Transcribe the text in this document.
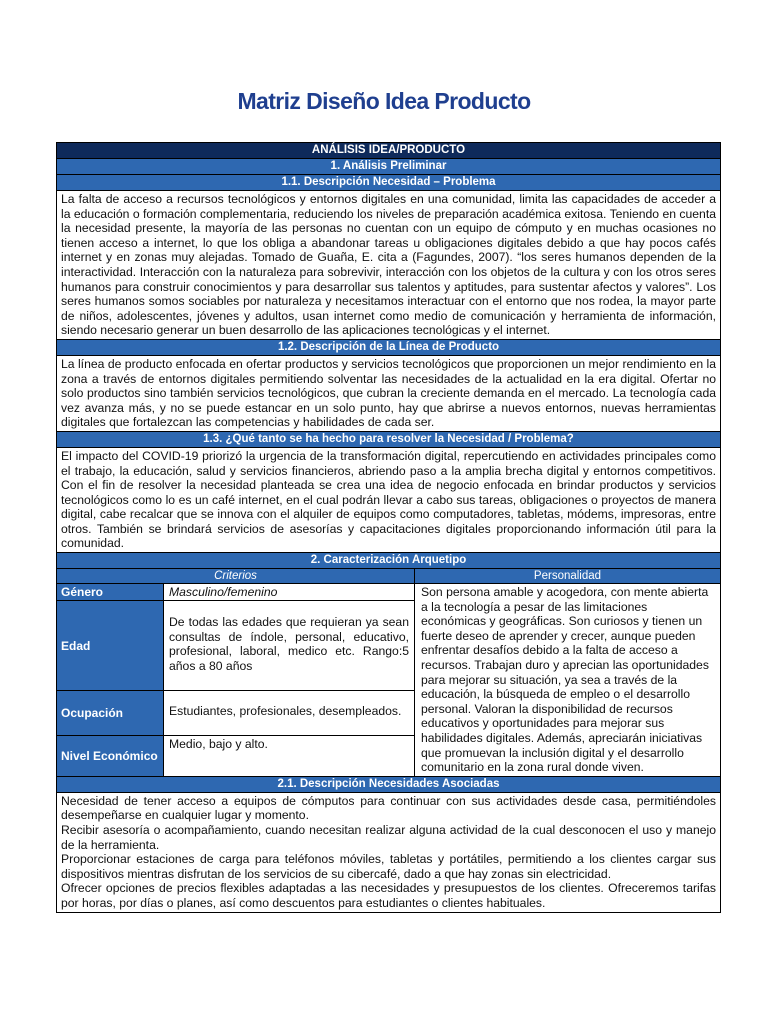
Matriz Diseño Idea Producto
ANÁLISIS IDEA/PRODUCTO
1. Análisis Preliminar
1.1. Descripción Necesidad – Problema
La falta de acceso a recursos tecnológicos y entornos digitales en una comunidad, limita las capacidades de acceder a la educación o formación complementaria, reduciendo los niveles de preparación académica exitosa. Teniendo en cuenta la necesidad presente, la mayoría de las personas no cuentan con un equipo de cómputo y en muchas ocasiones no tienen acceso a internet, lo que los obliga a abandonar tareas u obligaciones digitales debido a que hay pocos cafés internet y en zonas muy alejadas. Tomado de Guaña, E. cita a (Fagundes, 2007). “los seres humanos dependen de la interactividad. Interacción con la naturaleza para sobrevivir, interacción con los objetos de la cultura y con los otros seres humanos para construir conocimientos y para desarrollar sus talentos y aptitudes, para sustentar afectos y valores”. Los seres humanos somos sociables por naturaleza y necesitamos interactuar con el entorno que nos rodea, la mayor parte de niños, adolescentes, jóvenes y adultos, usan internet como medio de comunicación y herramienta de información, siendo necesario generar un buen desarrollo de las aplicaciones tecnológicas y el internet.
1.2. Descripción de la Línea de Producto
La línea de producto enfocada en ofertar productos y servicios tecnológicos que proporcionen un mejor rendimiento en la zona a través de entornos digitales permitiendo solventar las necesidades de la actualidad en la era digital. Ofertar no solo productos sino también servicios tecnológicos, que cubran la creciente demanda en el mercado. La tecnología cada vez avanza más, y no se puede estancar en un solo punto, hay que abrirse a nuevos entornos, nuevas herramientas digitales que fortalezcan las competencias y habilidades de cada ser.
1.3. ¿Qué tanto se ha hecho para resolver la Necesidad / Problema?
El impacto del COVID-19 priorizó la urgencia de la transformación digital, repercutiendo en actividades principales como el trabajo, la educación, salud y servicios financieros, abriendo paso a la amplia brecha digital y entornos competitivos. Con el fin de resolver la necesidad planteada se crea una idea de negocio enfocada en brindar productos y servicios tecnológicos como lo es un café internet, en el cual podrán llevar a cabo sus tareas, obligaciones o proyectos de manera digital, cabe recalcar que se innova con el alquiler de equipos como computadores, tabletas, módems, impresoras, entre otros. También se brindará servicios de asesorías y capacitaciones digitales proporcionando información útil para la comunidad.
2. Caracterización Arquetipo
Criterios
Género	Masculino/femenino
Edad
De todas las edades que requieran ya sean consultas de índole, personal, educativo, profesional, laboral, medico etc. Rango:5 años a 80 años
Ocupación	Estudiantes, profesionales, desempleados.
Nivel Económico
Medio, bajo y alto.
Personalidad
Son persona amable y acogedora, con mente abierta a la tecnología a pesar de las limitaciones económicas y geográficas. Son curiosos y tienen un fuerte deseo de aprender y crecer, aunque pueden enfrentar desafíos debido a la falta de acceso a recursos. Trabajan duro y aprecian las oportunidades para mejorar su situación, ya sea a través de la educación, la búsqueda de empleo o el desarrollo personal. Valoran la disponibilidad de recursos educativos y oportunidades para mejorar sus habilidades digitales. Además, apreciarán iniciativas que promuevan la inclusión digital y el desarrollo comunitario en la zona rural donde viven.
2.1. Descripción Necesidades Asociadas

Necesidad de tener acceso a equipos de cómputos para continuar con sus actividades desde casa, permitiéndoles desempeñarse en cualquier lugar y momento.

Recibir asesoría o acompañamiento, cuando necesitan realizar alguna actividad de la cual desconocen el uso y manejo de la herramienta.

Proporcionar estaciones de carga para teléfonos móviles, tabletas y portátiles, permitiendo a los clientes cargar sus dispositivos mientras disfrutan de los servicios de su cibercafé, dado a que hay zonas sin electricidad.

Ofrecer opciones de precios flexibles adaptadas a las necesidades y presupuestos de los clientes. Ofreceremos tarifas por horas, por días o planes, así como descuentos para estudiantes o clientes habituales.
